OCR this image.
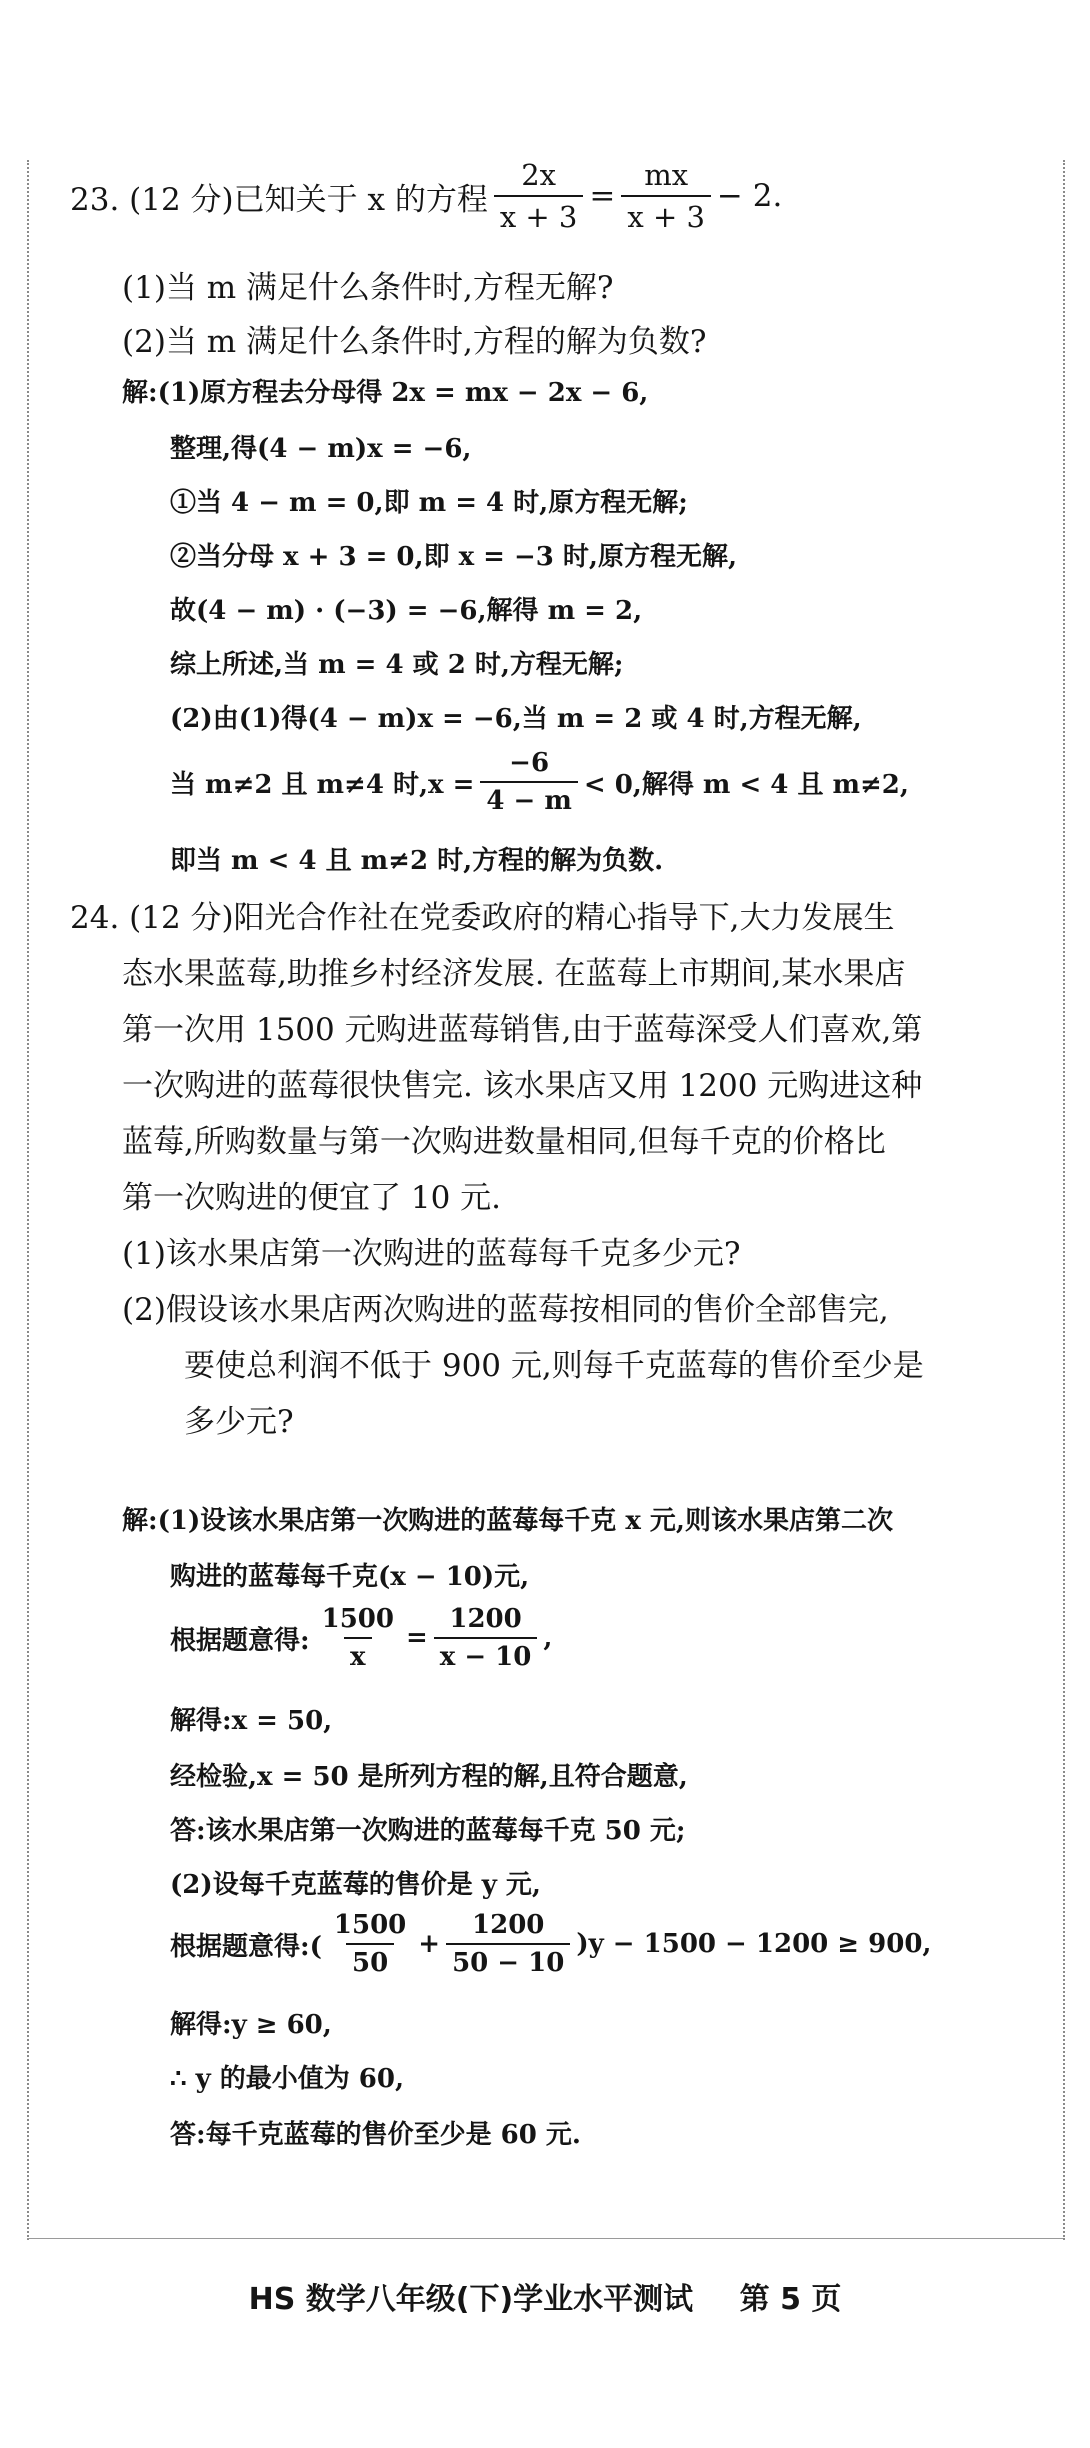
23. (12 分)已知关于 x 的方程 $\frac{2x}{x + 3} = \frac{mx}{x + 3} - 2$.
(1)当 m 满足什么条件时,方程无解?
(2)当 m 满足什么条件时,方程的解为负数?
解:(1)原方程去分母得 2x = mx − 2x − 6,
整理,得(4 − m)x = −6,
①当 4 − m = 0,即 m = 4 时,原方程无解;
②当分母 x + 3 = 0,即 x = −3 时,原方程无解,
故(4 − m) · (−3) = −6,解得 m = 2,
综上所述,当 m = 4 或 2 时,方程无解;
(2)由(1)得(4 − m)x = −6,当 m = 2 或 4 时,方程无解,
当 m≠2 且 m≠4 时$,x = \frac{-6}{4 - m} < 0$,解得 m < 4 且 m≠2,
即当 m < 4 且 m≠2 时,方程的解为负数.
24. (12 分)阳光合作社在党委政府的精心指导下,大力发展生
态水果蓝莓,助推乡村经济发展. 在蓝莓上市期间,某水果店
第一次用 1500 元购进蓝莓销售,由于蓝莓深受人们喜欢,第
一次购进的蓝莓很快售完. 该水果店又用 1200 元购进这种
蓝莓,所购数量与第一次购进数量相同,但每千克的价格比
第一次购进的便宜了 10 元.
(1)该水果店第一次购进的蓝莓每千克多少元?
(2)假设该水果店两次购进的蓝莓按相同的售价全部售完,
要使总利润不低于 900 元,则每千克蓝莓的售价至少是
多少元?
解:(1)设该水果店第一次购进的蓝莓每千克 x 元,则该水果店第二次
购进的蓝莓每千克(x − 10)元,
根据题意得: $\frac{1500}{x} = \frac{1200}{x - 10}$ ,
解得:x = 50,
经检验,x = 50 是所列方程的解,且符合题意,
答:该水果店第一次购进的蓝莓每千克 50 元;
(2)设每千克蓝莓的售价是 y 元,
根据题意得:( $\frac{1500}{50} + \frac{1200}{50 - 10} )y - 1500 - 1200 \ge 900$,
解得:y ≥ 60,
∴ y 的最小值为 60,
答:每千克蓝莓的售价至少是 60 元.
HS 数学八年级(下)学业水平测试 第 5 页
